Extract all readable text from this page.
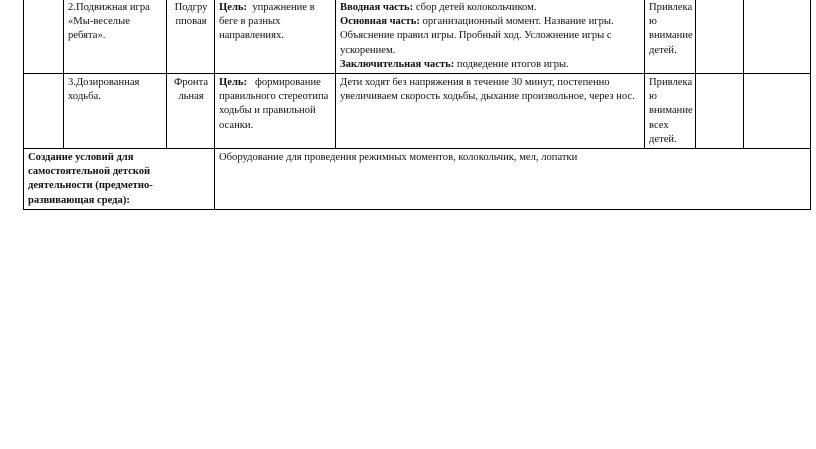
	2.Подвижная игра «Мы-веселые ребята».	Подгру пповая	Цель: упражнение в беге в разных направлениях.	Вводная часть: сбор детей колокольчиком.
Основная часть: организационный момент. Название игры. Объяснение правил игры. Пробный ход. Усложнение игры с ускорением.
Заключительная часть: подведение итогов игры.	Привлека ю внимание детей.		
	3.Дозированная ходьба.	Фронта льная	Цель: формирование правильного стереотипа ходьбы и правильной осанки.	Дети ходят без напряжения в течение 30 минут, постепенно увеличиваем скорость ходьбы, дыхание произвольное, через нос.	Привлека ю внимание всех детей.		
Создание условий для самостоятельной детской деятельности (предметно-развивающая среда):			Оборудование для проведения режимных моментов, колокольчик, мел, лопатки				
